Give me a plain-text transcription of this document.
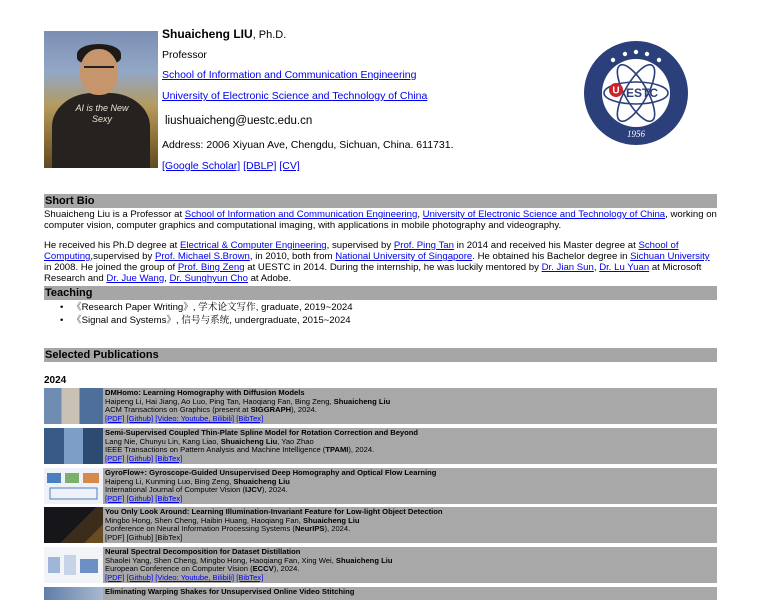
AI is the New Sexy
Shuaicheng LIU, Ph.D.
Professor
School of Information and Communication Engineering
University of Electronic Science and Technology of China
liushuaicheng@uestc.edu.cn
Address: 2006 Xiyuan Ave, Chengdu, Sichuan, China. 611731.
[Google Scholar] [DBLP] [CV]
U ESTC
1956
Short Bio
Shuaicheng Liu is a Professor at School of Information and Communication Engineering, University of Electronic Science and Technology of China, working on computer vision, computer graphics and computational imaging, with applications in mobile photography and videography.
He received his Ph.D degree at Electrical & Computer Engineering, supervised by Prof. Ping Tan in 2014 and received his Master degree at School of Computing,supervised by Prof. Michael S.Brown, in 2010, both from National University of Singapore. He obtained his Bachelor degree in Sichuan University in 2008. He joined the group of Prof. Bing Zeng at UESTC in 2014. During the internship, he was luckily mentored by Dr. Jian Sun, Dr. Lu Yuan at Microsoft Research and Dr. Jue Wang, Dr. Sunghyun Cho at Adobe.
Teaching
• 《Research Paper Writing》, 学术论文写作, graduate, 2019~2024
• 《Signal and Systems》, 信号与系统, undergraduate, 2015~2024
Selected Publications
2024
DMHomo: Learning Homography with Diffusion Models
Haipeng Li, Hai Jiang, Ao Luo, Ping Tan, Haoqiang Fan, Bing Zeng, Shuaicheng Liu
ACM Transactions on Graphics (present at SIGGRAPH), 2024.
[PDF] [Github] [Video: Youtube, Bilibili] [BibTex]
Semi-Supervised Coupled Thin-Plate Spline Model for Rotation Correction and Beyond
Lang Nie, Chunyu Lin, Kang Liao, Shuaicheng Liu, Yao Zhao
IEEE Transactions on Pattern Analysis and Machine Intelligence (TPAMI), 2024.
[PDF] [Github] [BibTex]
GyroFlow+: Gyroscope-Guided Unsupervised Deep Homography and Optical Flow Learning
Haipeng Li, Kunming Luo, Bing Zeng, Shuaicheng Liu
International Journal of Computer Vision (IJCV), 2024.
[PDF] [Github] [BibTex]
You Only Look Around: Learning Illumination-Invariant Feature for Low-light Object Detection
Mingbo Hong, Shen Cheng, Haibin Huang, Haoqiang Fan, Shuaicheng Liu
Conference on Neural Information Processing Systems (NeurIPS), 2024.
[PDF] [Github] [BibTex]
Neural Spectral Decomposition for Dataset Distillation
Shaolei Yang, Shen Cheng, Mingbo Hong, Haoqiang Fan, Xing Wei, Shuaicheng Liu
European Conference on Computer Vision (ECCV), 2024.
[PDF] [Github] [Video: Youtube, Bilibili] [BibTex]
Eliminating Warping Shakes for Unsupervised Online Video Stitching
